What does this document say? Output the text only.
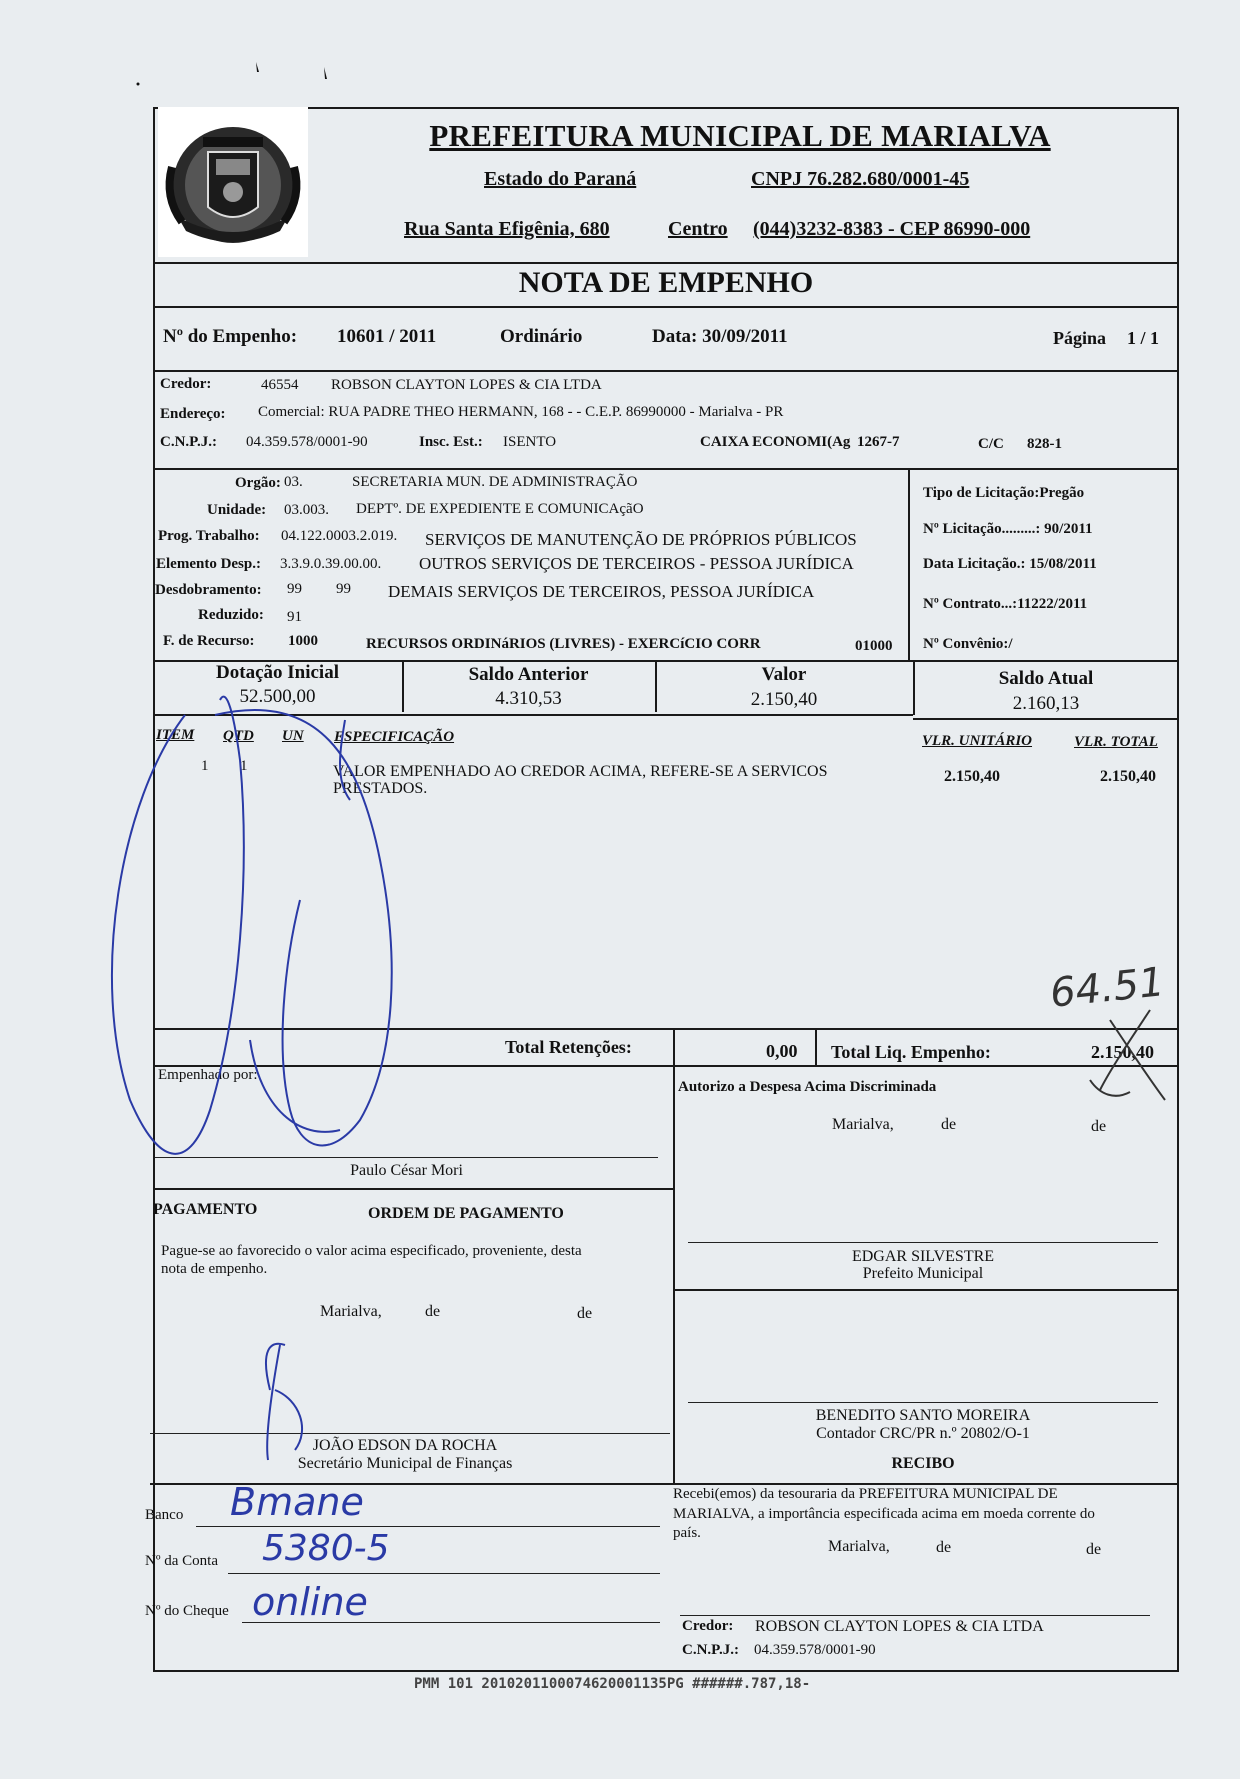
PREFEITURA MUNICIPAL DE MARIALVA
Estado do Paraná	CNPJ 76.282.680/0001-45
Rua Santa Efigênia, 680	Centro (044)3232-8383 - CEP 86990-000
NOTA DE EMPENHO
Nº do Empenho: 10601 / 2011	Ordinário	Data: 30/09/2011	Página 1 / 1
Credor:	46554 ROBSON CLAYTON LOPES & CIA LTDA
Endereço: Comercial: RUA PADRE THEO HERMANN, 168 - - C.E.P. 86990000 - Marialva - PR
C.N.P.J.: 04.359.578/0001-90	Insc. Est.: ISENTO	CAIXA ECONOMI(Ag 1267-7	C/C 828-1
Orgão: 03.	SECRETARIA MUN. DE ADMINISTRAÇÃO
Unidade: 03.003. DEPTº. DE EXPEDIENTE E COMUNICAçãO
Prog. Trabalho: 04.122.0003.2.019. SERVIÇOS DE MANUTENÇÃO DE PRÓPRIOS PÚBLICOS
Elemento Desp.: 3.3.9.0.39.00.00. OUTROS SERVIÇOS DE TERCEIROS - PESSOA JURÍDICA
Desdobramento: 99 99 DEMAIS SERVIÇOS DE TERCEIROS, PESSOA JURÍDICA
Reduzido: 91
F. de Recurso: 1000	RECURSOS ORDINáRIOS (LIVRES) - EXERCíCIO CORR	01000
Tipo de Licitação:Pregão
Nº Licitação.........: 90/2011
Data Licitação.: 15/08/2011
Nº Contrato...:11222/2011
Nº Convênio:/
Dotação Inicial
52.500,00
Saldo Anterior
4.310,53
Valor
2.150,40
Saldo Atual
2.160,13
ITEM QTD UN ESPECIFICAÇÃO	VLR. UNITÁRIO	VLR. TOTAL
1 1	VALOR EMPENHADO AO CREDOR ACIMA, REFERE-SE A SERVICOS
PRESTADOS.
2.150,40	2.150,40
Total Retenções:	0,00 Total Liq. Empenho:	2.150,40
Empenhado por:
Paulo César Mori
Autorizo a Despesa Acima Discriminada
Marialva,	de	de
EDGAR SILVESTRE
Prefeito Municipal
PAGAMENTO	ORDEM DE PAGAMENTO
Pague-se ao favorecido o valor acima especificado, proveniente, desta
nota de empenho.
Marialva,	de	de
JOÃO EDSON DA ROCHA
Secretário Municipal de Finanças
BENEDITO SANTO MOREIRA
Contador CRC/PR n.º 20802/O-1
RECIBO
Recebi(emos) da tesouraria da PREFEITURA MUNICIPAL DE
MARIALVA, a importância especificada acima em moeda corrente do
país.
Marialva,	de	de
Credor: ROBSON CLAYTON LOPES & CIA LTDA
C.N.P.J.: 04.359.578/0001-90
Banco Bmane
Nº da Conta 5380-5
Nº do Cheque online
64.51
PMM 101 2010201100074620001135PG ######.787,18-
